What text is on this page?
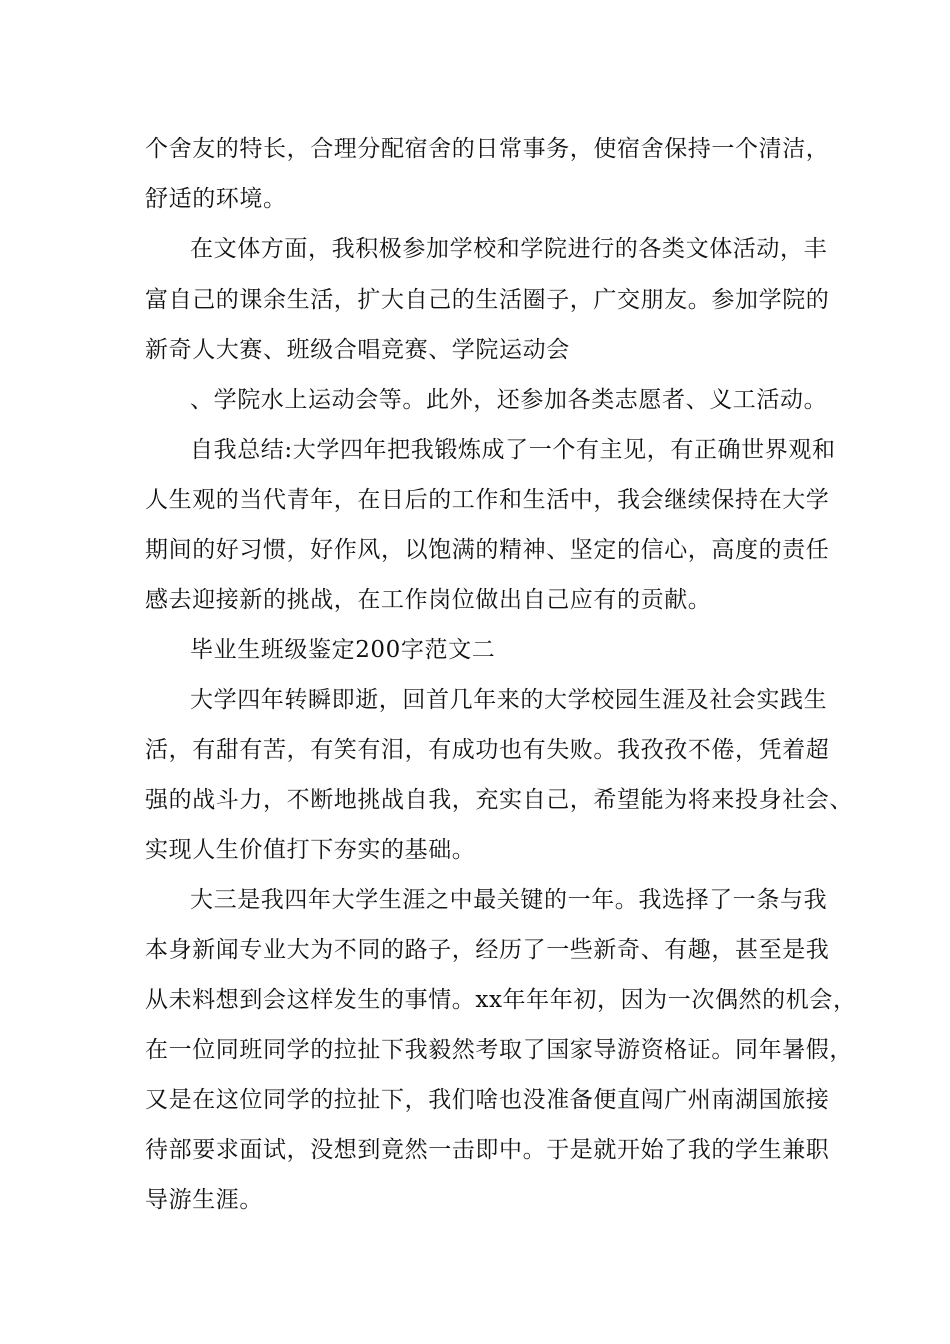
个舍友的特长，合理分配宿舍的日常事务，使宿舍保持一个清洁，
舒适的环境。
在文体方面，我积极参加学校和学院进行的各类文体活动，丰
富自己的课余生活，扩大自己的生活圈子，广交朋友。参加学院的
新奇人大赛、班级合唱竞赛、学院运动会
、学院水上运动会等。此外，还参加各类志愿者、义工活动。
自我总结:大学四年把我锻炼成了一个有主见，有正确世界观和
人生观的当代青年，在日后的工作和生活中，我会继续保持在大学
期间的好习惯，好作风，以饱满的精神、坚定的信心，高度的责任
感去迎接新的挑战，在工作岗位做出自己应有的贡献。
毕业生班级鉴定200字范文二
大学四年转瞬即逝，回首几年来的大学校园生涯及社会实践生
活，有甜有苦，有笑有泪，有成功也有失败。我孜孜不倦，凭着超
强的战斗力，不断地挑战自我，充实自己，希望能为将来投身社会、
实现人生价值打下夯实的基础。
大三是我四年大学生涯之中最关键的一年。我选择了一条与我
本身新闻专业大为不同的路子，经历了一些新奇、有趣，甚至是我
从未料想到会这样发生的事情。xx年年年初，因为一次偶然的机会，
在一位同班同学的拉扯下我毅然考取了国家导游资格证。同年暑假，
又是在这位同学的拉扯下，我们啥也没准备便直闯广州南湖国旅接
待部要求面试，没想到竟然一击即中。于是就开始了我的学生兼职
导游生涯。
